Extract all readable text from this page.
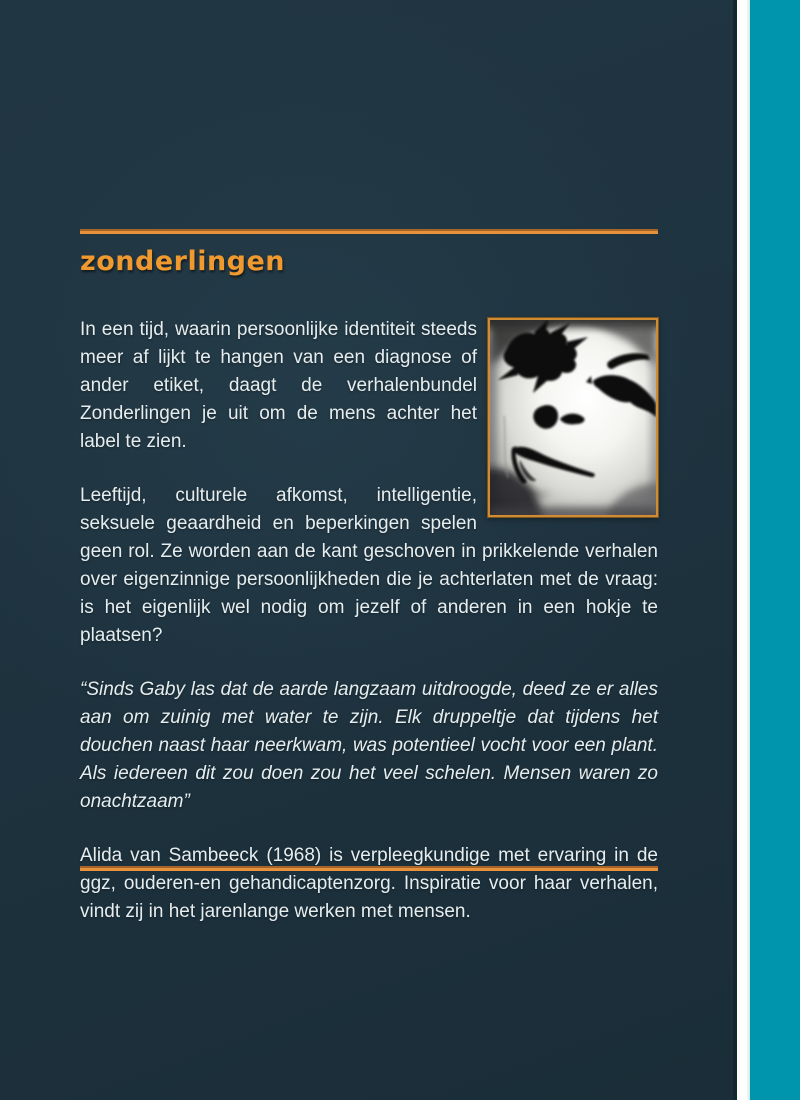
zonderlingen

In een tijd, waarin persoonlijke identiteit steeds meer af lijkt te hangen van een diagnose of ander etiket, daagt de verhalenbundel Zonderlingen je uit om de mens achter het label te zien.

Leeftijd, culturele afkomst, intelligentie, seksuele geaardheid en beperkingen spelen geen rol. Ze worden aan de kant geschoven in prikkelende verhalen over eigenzinnige persoonlijkheden die je achterlaten met de vraag: is het eigenlijk wel nodig om jezelf of anderen in een hokje te plaatsen?

“Sinds Gaby las dat de aarde langzaam uitdroogde, deed ze er alles aan om zuinig met water te zijn. Elk druppeltje dat tijdens het douchen naast haar neerkwam, was potentieel vocht voor een plant. Als iedereen dit zou doen zou het veel schelen. Mensen waren zo onachtzaam”

Alida van Sambeeck (1968) is verpleegkundige met ervaring in de ggz, ouderen-en gehandicaptenzorg. Inspiratie voor haar verhalen, vindt zij in het jarenlange werken met mensen.
